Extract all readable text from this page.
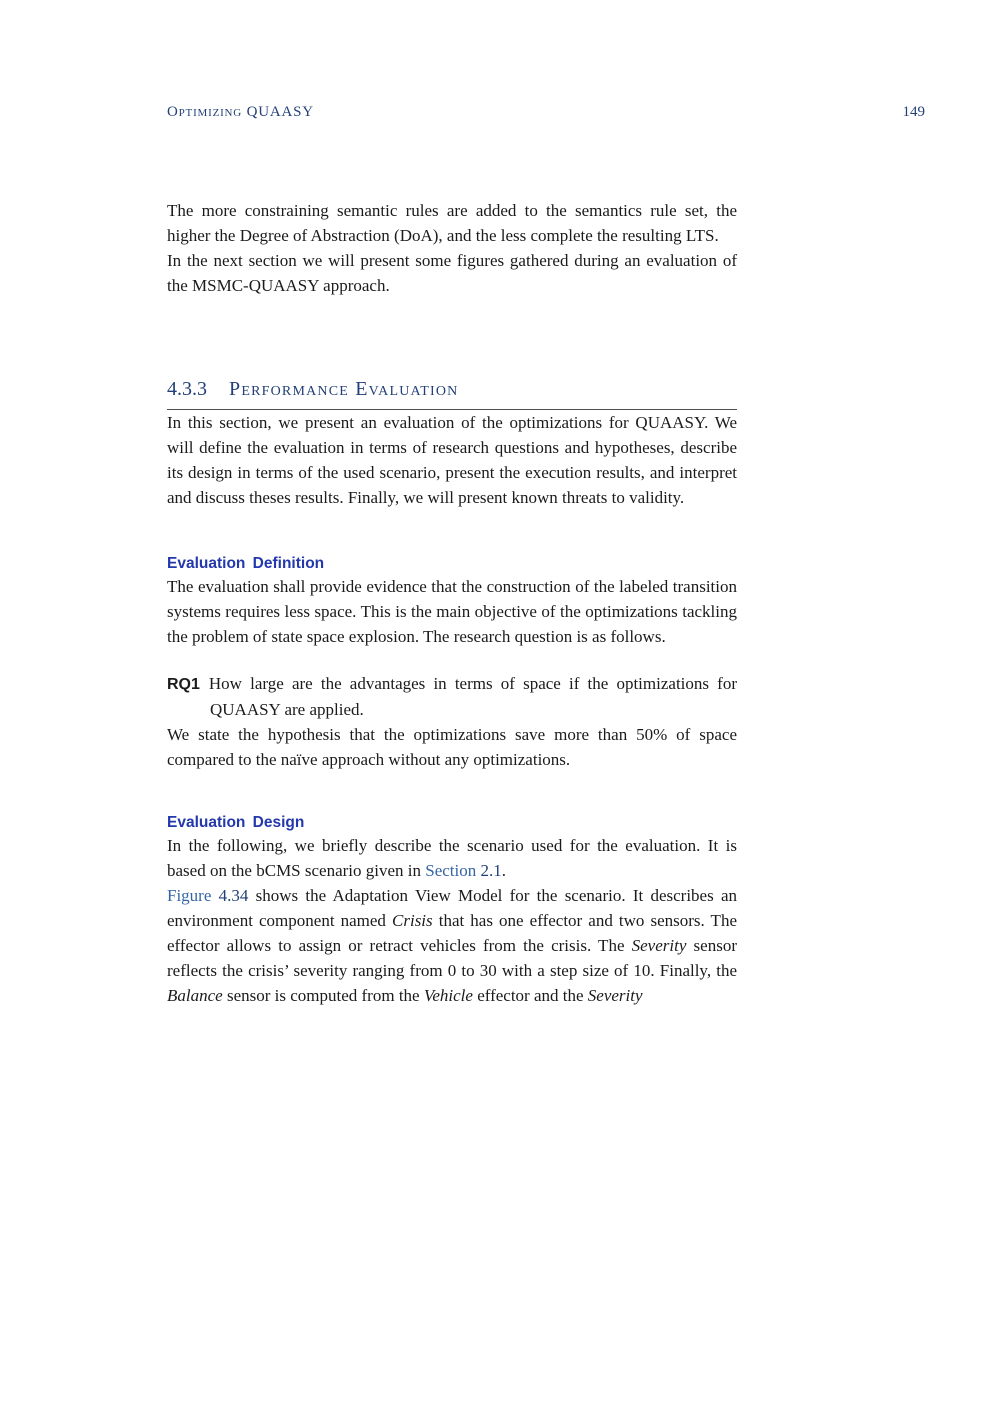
Optimizing QUAASY	149

The more constraining semantic rules are added to the semantics rule set, the higher the Degree of Abstraction (DoA), and the less complete the resulting LTS.

In the next section we will present some figures gathered during an evaluation of the MSMC-QUAASY approach.

4.3.3 Performance Evaluation

In this section, we present an evaluation of the optimizations for QUAASY. We will define the evaluation in terms of research questions and hypotheses, describe its design in terms of the used scenario, present the execution results, and interpret and discuss theses results. Finally, we will present known threats to validity.

Evaluation Definition

The evaluation shall provide evidence that the construction of the labeled transition systems requires less space. This is the main objective of the optimizations tackling the problem of state space explosion. The research question is as follows.

RQ1 How large are the advantages in terms of space if the optimizations for QUAASY are applied.

We state the hypothesis that the optimizations save more than 50% of space compared to the naïve approach without any optimizations.

Evaluation Design

In the following, we briefly describe the scenario used for the evaluation. It is based on the bCMS scenario given in Section 2.1.

Figure 4.34 shows the Adaptation View Model for the scenario. It describes an environment component named Crisis that has one effector and two sensors. The effector allows to assign or retract vehicles from the crisis. The Severity sensor reflects the crisis’ severity ranging from 0 to 30 with a step size of 10. Finally, the Balance sensor is computed from the Vehicle effector and the Severity
